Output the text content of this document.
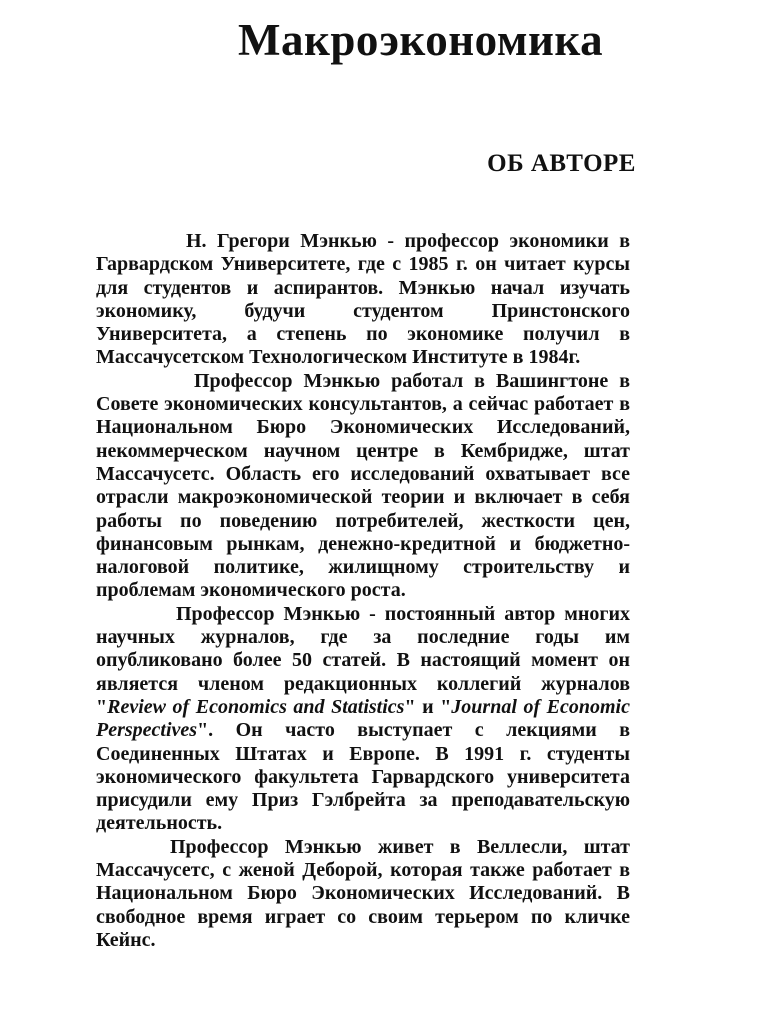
Макроэкономика
ОБ АВТОРЕ

Н. Грегори Мэнкью - профессор экономики в Гарвардском Университете, где с 1985 г. он читает курсы для студентов и аспирантов. Мэнкью начал изучать экономику, будучи студентом Принстонского Университета, а степень по экономике получил в Массачусетском Технологическом Институте в 1984г.

Профессор Мэнкью работал в Вашингтоне в Совете экономических консультантов, а сейчас работает в Национальном Бюро Экономических Исследований, некоммерческом научном центре в Кембридже, штат Массачусетс. Область его исследований охватывает все отрасли макроэкономической теории и включает в себя работы по поведению потребителей, жесткости цен, финансовым рынкам, денежно-кредитной и бюджетно-налоговой политике, жилищному строительству и проблемам экономического роста.

Профессор Мэнкью - постоянный автор многих научных журналов, где за последние годы им опубликовано более 50 статей. В настоящий момент он является членом редакционных коллегий журналов "Review of Economics and Statistics" и "Journal of Economic Perspectives". Он часто выступает с лекциями в Соединенных Штатах и Европе. В 1991 г. студенты экономического факультета Гарвардского университета присудили ему Приз Гэлбрейта за преподавательскую деятельность.

Профессор Мэнкью живет в Веллесли, штат Массачусетс, с женой Деборой, которая также работает в Национальном Бюро Экономических Исследований. В свободное время играет со своим терьером по кличке Кейнс.
